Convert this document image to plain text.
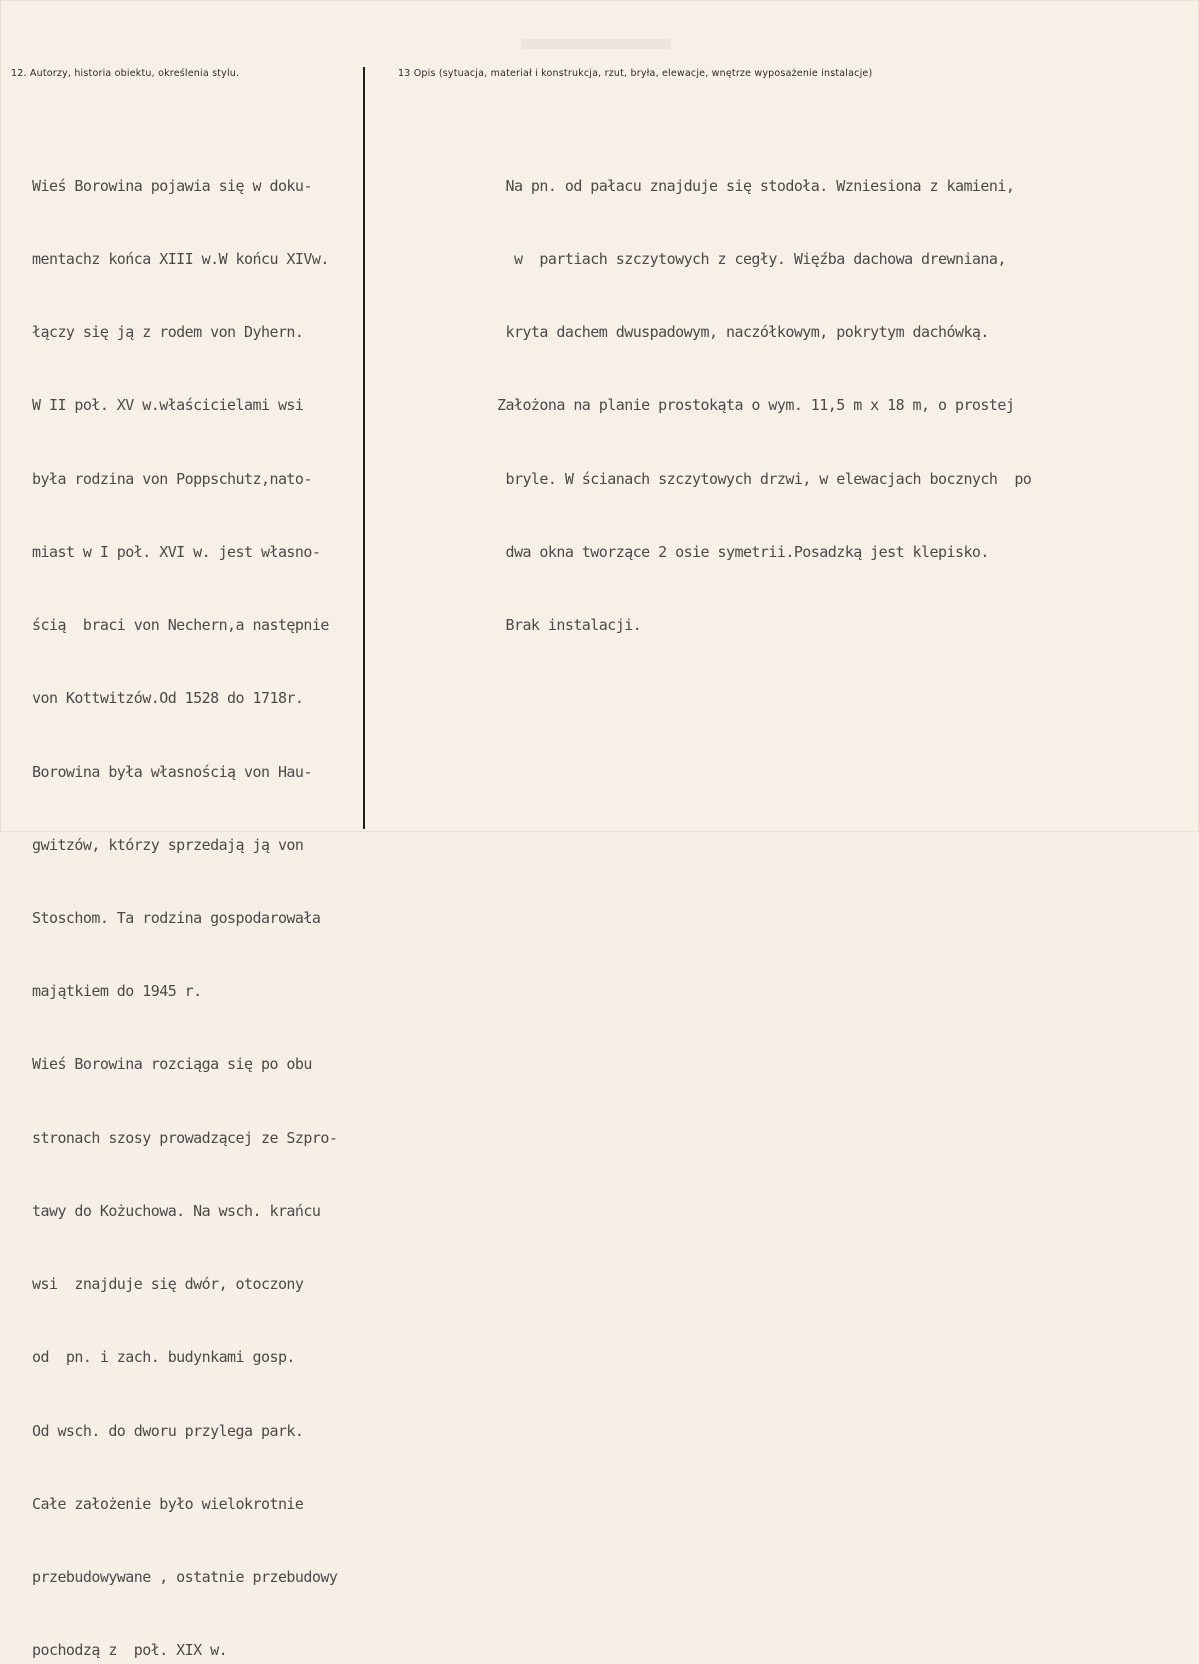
12. Autorzy, historia obiektu, określenia stylu.	13 Opis (sytuacja, materiał i konstrukcja, rzut, bryła, elewacje, wnętrze wyposażenie instalacje)

Wieś Borowina pojawia się w doku-

mentachz końca XIII w.W końcu XIVw.

łączy się ją z rodem von Dyhern.

W II poł. XV w.właścicielami wsi

była rodzina von Poppschutz,nato-

miast w I poł. XVI w. jest własno-

ścią  braci von Nechern,a następnie

von Kottwitzów.Od 1528 do 1718r.

Borowina była własnością von Hau-

gwitzów, którzy sprzedają ją von

Stoschom. Ta rodzina gospodarowała

majątkiem do 1945 r.

Wieś Borowina rozciąga się po obu

stronach szosy prowadzącej ze Szpro-

tawy do Kożuchowa. Na wsch. krańcu

wsi  znajduje się dwór, otoczony

od  pn. i zach. budynkami gosp.

Od wsch. do dworu przylega park.

Całe założenie było wielokrotnie

przebudowywane , ostatnie przebudowy

pochodzą z  poł. XIX w.

Na pn. od pałacu znajduje się stodoła. Wzniesiona z kamieni,

w  partiach szczytowych z cegły. Więźba dachowa drewniana,

kryta dachem dwuspadowym, naczółkowym, pokrytym dachówką.

Założona na planie prostokąta o wym. 11,5 m x 18 m, o prostej

bryle. W ścianach szczytowych drzwi, w elewacjach bocznych  po

dwa okna tworzące 2 osie symetrii.Posadzką jest klepisko.

Brak instalacji.
